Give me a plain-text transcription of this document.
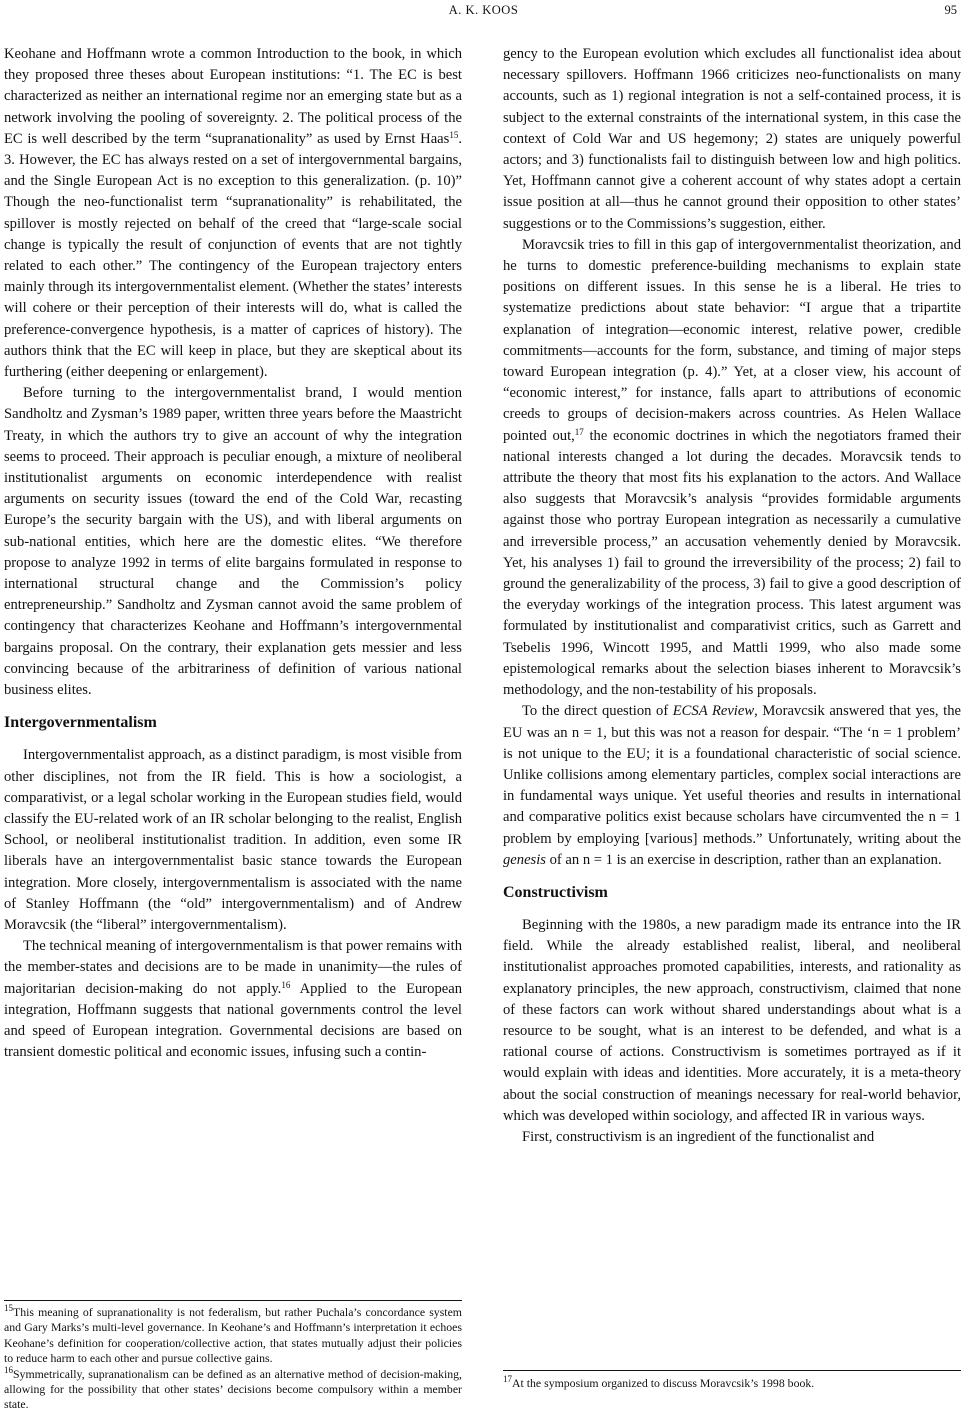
A. K. KOOS	95

Keohane and Hoffmann wrote a common Introduction to the book, in which they proposed three theses about European institutions: “1. The EC is best characterized as neither an international regime nor an emerging state but as a network involving the pooling of sovereignty. 2. The political process of the EC is well described by the term “supranationality” as used by Ernst Haas$^{15}$. 3. However, the EC has always rested on a set of intergovernmental bargains, and the Single European Act is no exception to this generalization. (p. 10)” Though the neo-functionalist term “supranationality” is rehabilitated, the spillover is mostly rejected on behalf of the creed that “large-scale social change is typically the result of conjunction of events that are not tightly related to each other.” The contingency of the European trajectory enters mainly through its intergovernmentalist element. (Whether the states’ interests will cohere or their perception of their interests will do, what is called the preference-convergence hypothesis, is a matter of caprices of history). The authors think that the EC will keep in place, but they are skeptical about its furthering (either deepening or enlargement).

Before turning to the intergovernmentalist brand, I would mention Sandholtz and Zysman’s 1989 paper, written three years before the Maastricht Treaty, in which the authors try to give an account of why the integration seems to proceed. Their approach is peculiar enough, a mixture of neoliberal institutionalist arguments on economic interdependence with realist arguments on security issues (toward the end of the Cold War, recasting Europe’s the security bargain with the US), and with liberal arguments on sub-national entities, which here are the domestic elites. “We therefore propose to analyze 1992 in terms of elite bargains formulated in response to international structural change and the Commission’s policy entrepreneurship.” Sandholtz and Zysman cannot avoid the same problem of contingency that characterizes Keohane and Hoffmann’s intergovernmental bargains proposal. On the contrary, their explanation gets messier and less convincing because of the arbitrariness of definition of various national business elites.

Intergovernmentalism

Intergovernmentalist approach, as a distinct paradigm, is most visible from other disciplines, not from the IR field. This is how a sociologist, a comparativist, or a legal scholar working in the European studies field, would classify the EU-related work of an IR scholar belonging to the realist, English School, or neoliberal institutionalist tradition. In addition, even some IR liberals have an intergovernmentalist basic stance towards the European integration. More closely, intergovernmentalism is associated with the name of Stanley Hoffmann (the “old” intergovernmentalism) and of Andrew Moravcsik (the “liberal” intergovernmentalism).

The technical meaning of intergovernmentalism is that power remains with the member-states and decisions are to be made in unanimity—the rules of majoritarian decision-making do not apply.$^{16}$ Applied to the European integration, Hoffmann suggests that national governments control the level and speed of European integration. Governmental decisions are based on transient domestic political and economic issues, infusing such a contin-

gency to the European evolution which excludes all functionalist idea about necessary spillovers. Hoffmann 1966 criticizes neo-functionalists on many accounts, such as 1) regional integration is not a self-contained process, it is subject to the external constraints of the international system, in this case the context of Cold War and US hegemony; 2) states are uniquely powerful actors; and 3) functionalists fail to distinguish between low and high politics. Yet, Hoffmann cannot give a coherent account of why states adopt a certain issue position at all—thus he cannot ground their opposition to other states’ suggestions or to the Commissions’s suggestion, either.

Moravcsik tries to fill in this gap of intergovernmentalist theorization, and he turns to domestic preference-building mechanisms to explain state positions on different issues. In this sense he is a liberal. He tries to systematize predictions about state behavior: “I argue that a tripartite explanation of integration—economic interest, relative power, credible commitments—accounts for the form, substance, and timing of major steps toward European integration (p. 4).” Yet, at a closer view, his account of “economic interest,” for instance, falls apart to attributions of economic creeds to groups of decision-makers across countries. As Helen Wallace pointed out,$^{17}$ the economic doctrines in which the negotiators framed their national interests changed a lot during the decades. Moravcsik tends to attribute the theory that most fits his explanation to the actors. And Wallace also suggests that Moravcsik’s analysis “provides formidable arguments against those who portray European integration as necessarily a cumulative and irreversible process,” an accusation vehemently denied by Moravcsik. Yet, his analyses 1) fail to ground the irreversibility of the process; 2) fail to ground the generalizability of the process, 3) fail to give a good description of the everyday workings of the integration process. This latest argument was formulated by institutionalist and comparativist critics, such as Garrett and Tsebelis 1996, Wincott 1995, and Mattli 1999, who also made some epistemological remarks about the selection biases inherent to Moravcsik’s methodology, and the non-testability of his proposals.

To the direct question of ECSA Review, Moravcsik answered that yes, the EU was an n = 1, but this was not a reason for despair. “The ‘n = 1 problem’ is not unique to the EU; it is a foundational characteristic of social science. Unlike collisions among elementary particles, complex social interactions are in fundamental ways unique. Yet useful theories and results in international and comparative politics exist because scholars have circumvented the n = 1 problem by employing [various] methods.” Unfortunately, writing about the genesis of an n = 1 is an exercise in description, rather than an explanation.

Constructivism

Beginning with the 1980s, a new paradigm made its entrance into the IR field. While the already established realist, liberal, and neoliberal institutionalist approaches promoted capabilities, interests, and rationality as explanatory principles, the new approach, constructivism, claimed that none of these factors can work without shared understandings about what is a resource to be sought, what is an interest to be defended, and what is a rational course of actions. Constructivism is sometimes portrayed as if it would explain with ideas and identities. More accurately, it is a meta-theory about the social construction of meanings necessary for real-world behavior, which was developed within sociology, and affected IR in various ways.

First, constructivism is an ingredient of the functionalist and

$^{15}$This meaning of supranationality is not federalism, but rather Puchala’s concordance system and Gary Marks’s multi-level governance. In Keohane’s and Hoffmann’s interpretation it echoes Keohane’s definition for cooperation/collective action, that states mutually adjust their policies to reduce harm to each other and pursue collective gains.

$^{16}$Symmetrically, supranationalism can be defined as an alternative method of decision-making, allowing for the possibility that other states’ decisions become compulsory within a member state.

$^{17}$At the symposium organized to discuss Moravcsik’s 1998 book.
